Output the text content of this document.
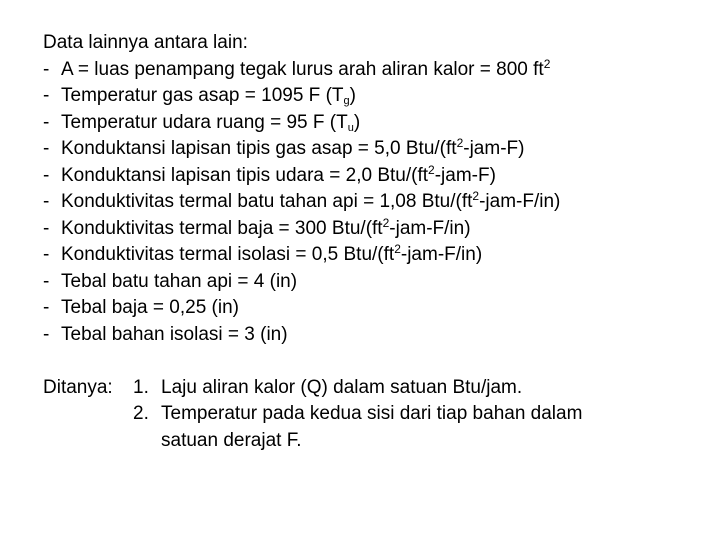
Data lainnya antara lain:
- A = luas penampang tegak lurus arah aliran kalor = 800 $ft^2$
- Temperatur gas asap = 1095 F $(T_g)$
- Temperatur udara ruang = 95 F $(T_u)$
- Konduktansi lapisan tipis gas asap = 5,0 Btu/$(ft^2-jam-F)$
- Konduktansi lapisan tipis udara = 2,0 Btu/$(ft^2-jam-F)$
- Konduktivitas termal batu tahan api = 1,08 Btu/$(ft^2-jam-F/in)$
- Konduktivitas termal baja = 300 Btu/$(ft^2-jam-F/in)$
- Konduktivitas termal isolasi = 0,5 Btu/$(ft^2-jam-F/in)$
- Tebal batu tahan api = 4 (in)
- Tebal baja = 0,25 (in)
- Tebal bahan isolasi = 3 (in)
Ditanya:	1. Laju aliran kalor (Q) dalam satuan Btu/jam.
2. Temperatur pada kedua sisi dari tiap bahan dalam
satuan derajat F.
